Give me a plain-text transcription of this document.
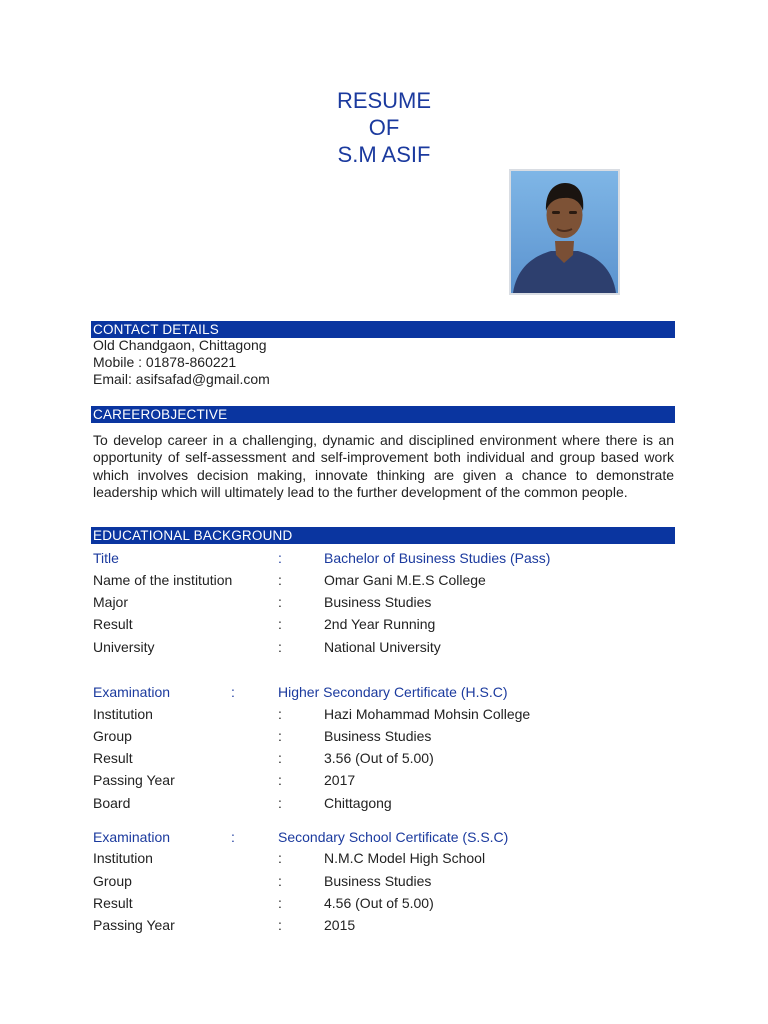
RESUME
OF
S.M ASIF
CONTACT DETAILS
Old Chandgaon, Chittagong
Mobile : 01878-860221
Email: asifsafad@gmail.com
CAREEROBJECTIVE
To develop career in a challenging, dynamic and disciplined environment where there is an opportunity of self-assessment and self-improvement both individual and group based work which involves decision making, innovate thinking are given a chance to demonstrate leadership which will ultimately lead to the further development of the common people.
EDUCATIONAL BACKGROUND
Title	:	Bachelor of Business Studies (Pass)
Name of the institution	:	Omar Gani M.E.S College
Major	:	Business Studies
Result	:	2nd Year Running
University	:	National University
Examination	:	Higher Secondary Certificate (H.S.C)
Institution	:	Hazi Mohammad Mohsin College
Group	:	Business Studies
Result	:	3.56 (Out of 5.00)
Passing Year	:	2017
Board	:	Chittagong
Examination	:	Secondary School Certificate (S.S.C)
Institution	:	N.M.C Model High School
Group	:	Business Studies
Result	:	4.56 (Out of 5.00)
Passing Year	:	2015
